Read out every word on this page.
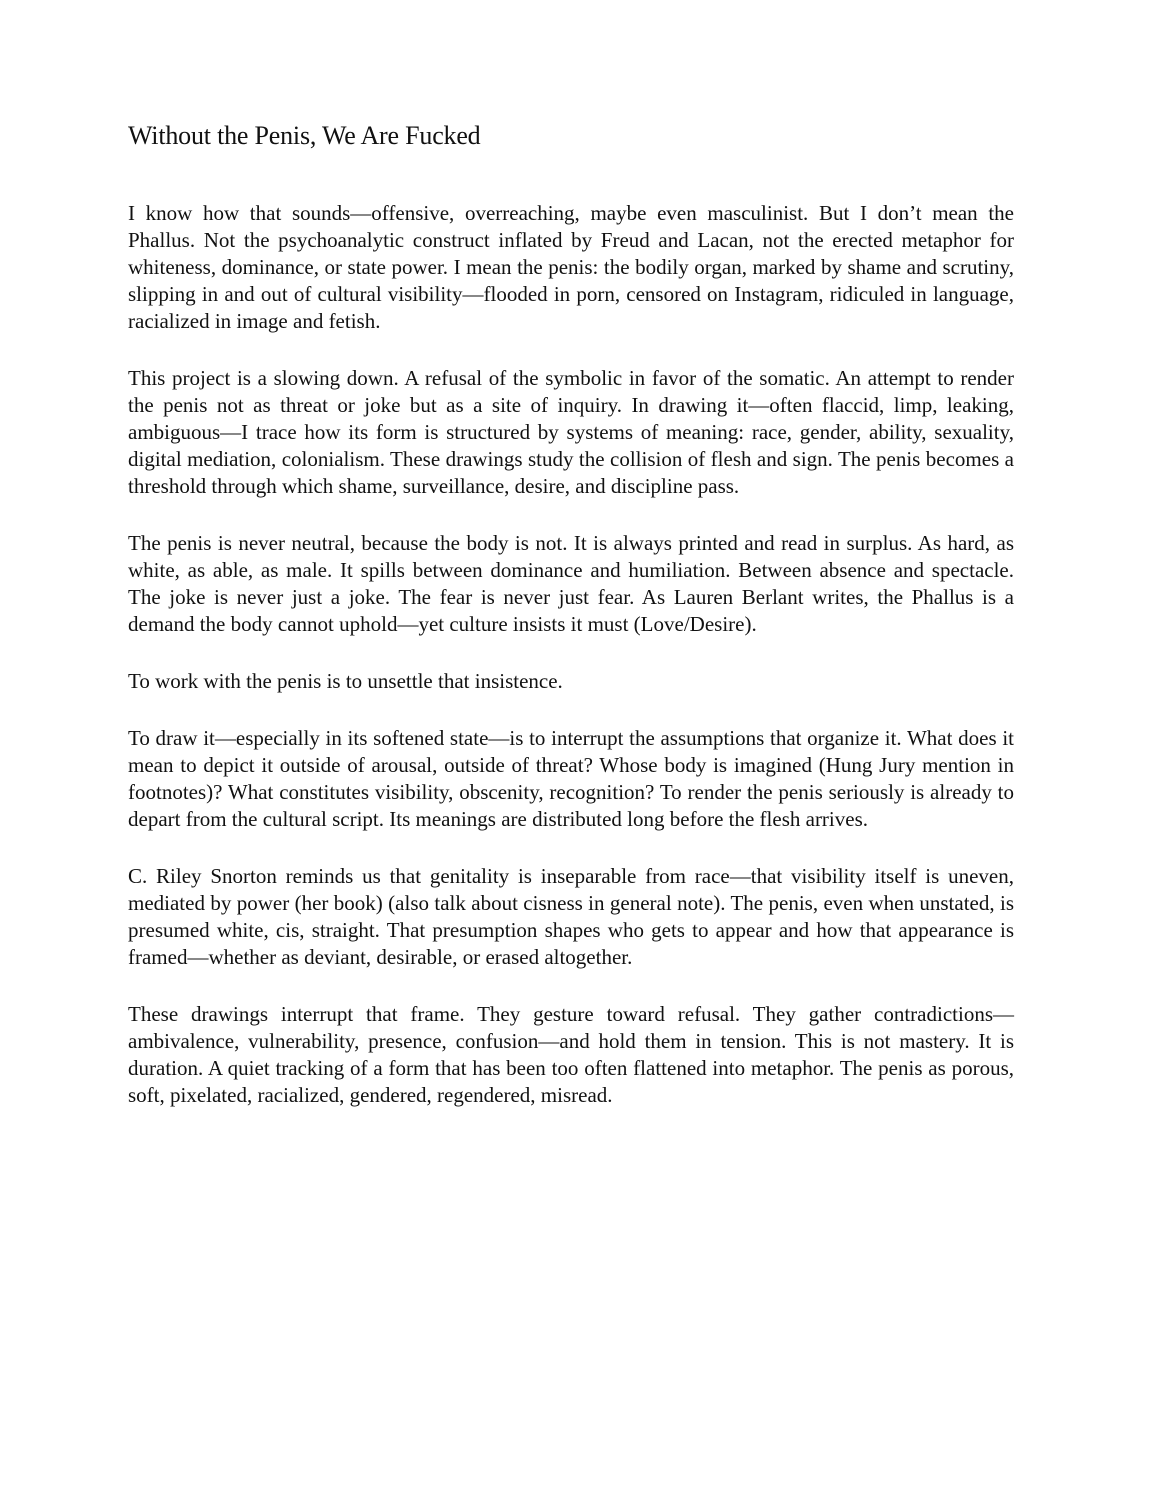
Without the Penis, We Are Fucked

I know how that sounds—offensive, overreaching, maybe even masculinist. But I don’t mean the Phallus. Not the psychoanalytic construct inflated by Freud and Lacan, not the erected metaphor for whiteness, dominance, or state power. I mean the penis: the bodily organ, marked by shame and scrutiny, slipping in and out of cultural visibility—flooded in porn, censored on Instagram, ridiculed in language, racialized in image and fetish.

This project is a slowing down. A refusal of the symbolic in favor of the somatic. An attempt to render the penis not as threat or joke but as a site of inquiry. In drawing it—often flaccid, limp, leaking, ambiguous—I trace how its form is structured by systems of meaning: race, gender, ability, sexuality, digital mediation, colonialism. These drawings study the collision of flesh and sign. The penis becomes a threshold through which shame, surveillance, desire, and discipline pass.

The penis is never neutral, because the body is not. It is always printed and read in surplus. As hard, as white, as able, as male. It spills between dominance and humiliation. Between absence and spectacle. The joke is never just a joke. The fear is never just fear. As Lauren Berlant writes, the Phallus is a demand the body cannot uphold—yet culture insists it must (Love/Desire).

To work with the penis is to unsettle that insistence.

To draw it—especially in its softened state—is to interrupt the assumptions that organize it. What does it mean to depict it outside of arousal, outside of threat? Whose body is imagined (Hung Jury mention in footnotes)? What constitutes visibility, obscenity, recognition? To render the penis seriously is already to depart from the cultural script. Its meanings are distributed long before the flesh arrives.

C. Riley Snorton reminds us that genitality is inseparable from race—that visibility itself is uneven, mediated by power (her book) (also talk about cisness in general note). The penis, even when unstated, is presumed white, cis, straight. That presumption shapes who gets to appear and how that appearance is framed—whether as deviant, desirable, or erased altogether.

These drawings interrupt that frame. They gesture toward refusal. They gather contradictions—ambivalence, vulnerability, presence, confusion—and hold them in tension. This is not mastery. It is duration. A quiet tracking of a form that has been too often flattened into metaphor. The penis as porous, soft, pixelated, racialized, gendered, regendered, misread.
